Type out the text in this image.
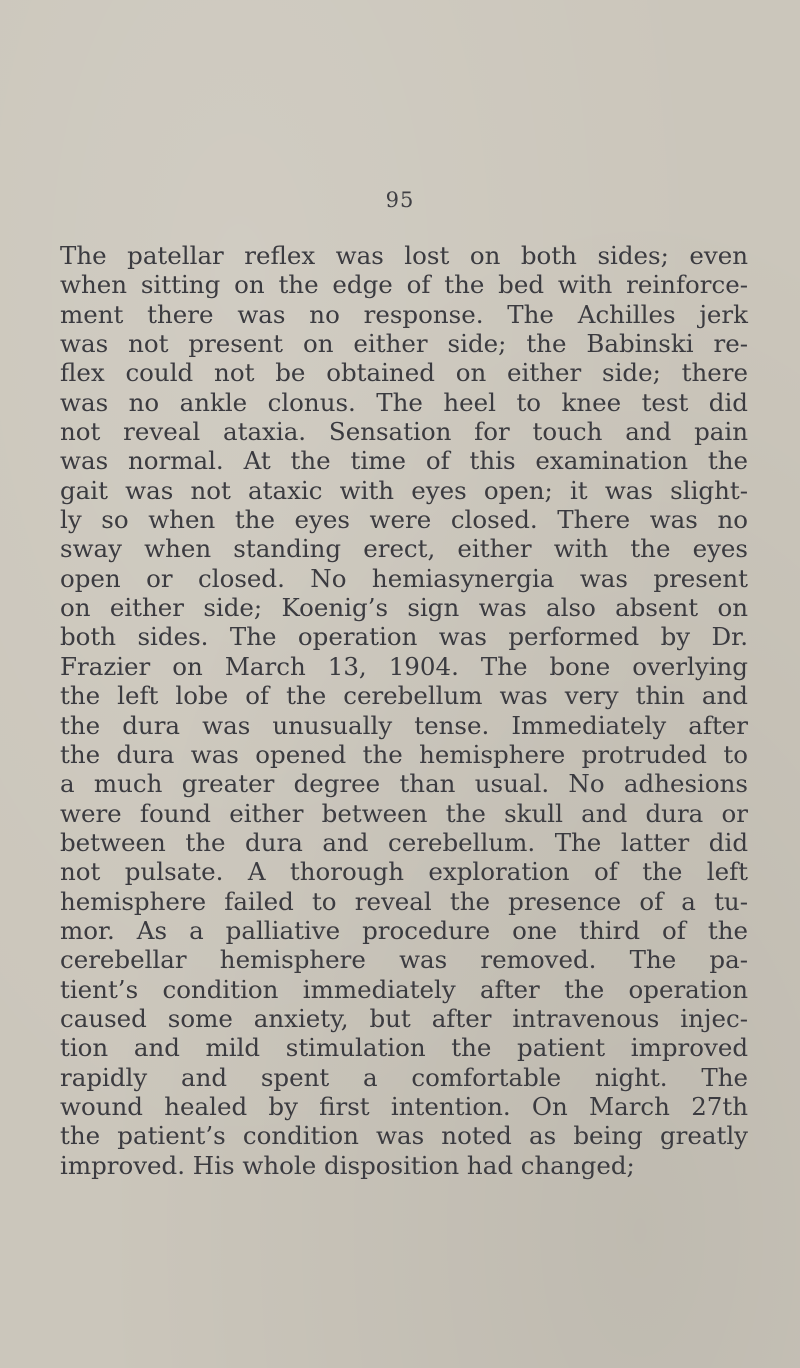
95
The patellar reflex was lost on both sides; even
when sitting on the edge of the bed with reinforce-
ment there was no response. The Achilles jerk
was not present on either side; the Babinski re-
flex could not be obtained on either side; there
was no ankle clonus. The heel to knee test did
not reveal ataxia. Sensation for touch and pain
was normal. At the time of this examination the
gait was not ataxic with eyes open; it was slight-
ly so when the eyes were closed. There was no
sway when standing erect, either with the eyes
open or closed. No hemiasynergia was present
on either side; Koenig’s sign was also absent on
both sides. The operation was performed by Dr.
Frazier on March 13, 1904. The bone overlying
the left lobe of the cerebellum was very thin and
the dura was unusually tense. Immediately after
the dura was opened the hemisphere protruded to
a much greater degree than usual. No adhesions
were found either between the skull and dura or
between the dura and cerebellum. The latter did
not pulsate. A thorough exploration of the left
hemisphere failed to reveal the presence of a tu-
mor. As a palliative procedure one third of the
cerebellar hemisphere was removed. The pa-
tient’s condition immediately after the operation
caused some anxiety, but after intravenous injec-
tion and mild stimulation the patient improved
rapidly and spent a comfortable night. The
wound healed by first intention. On March 27th
the patient’s condition was noted as being greatly
improved. His whole disposition had changed;
